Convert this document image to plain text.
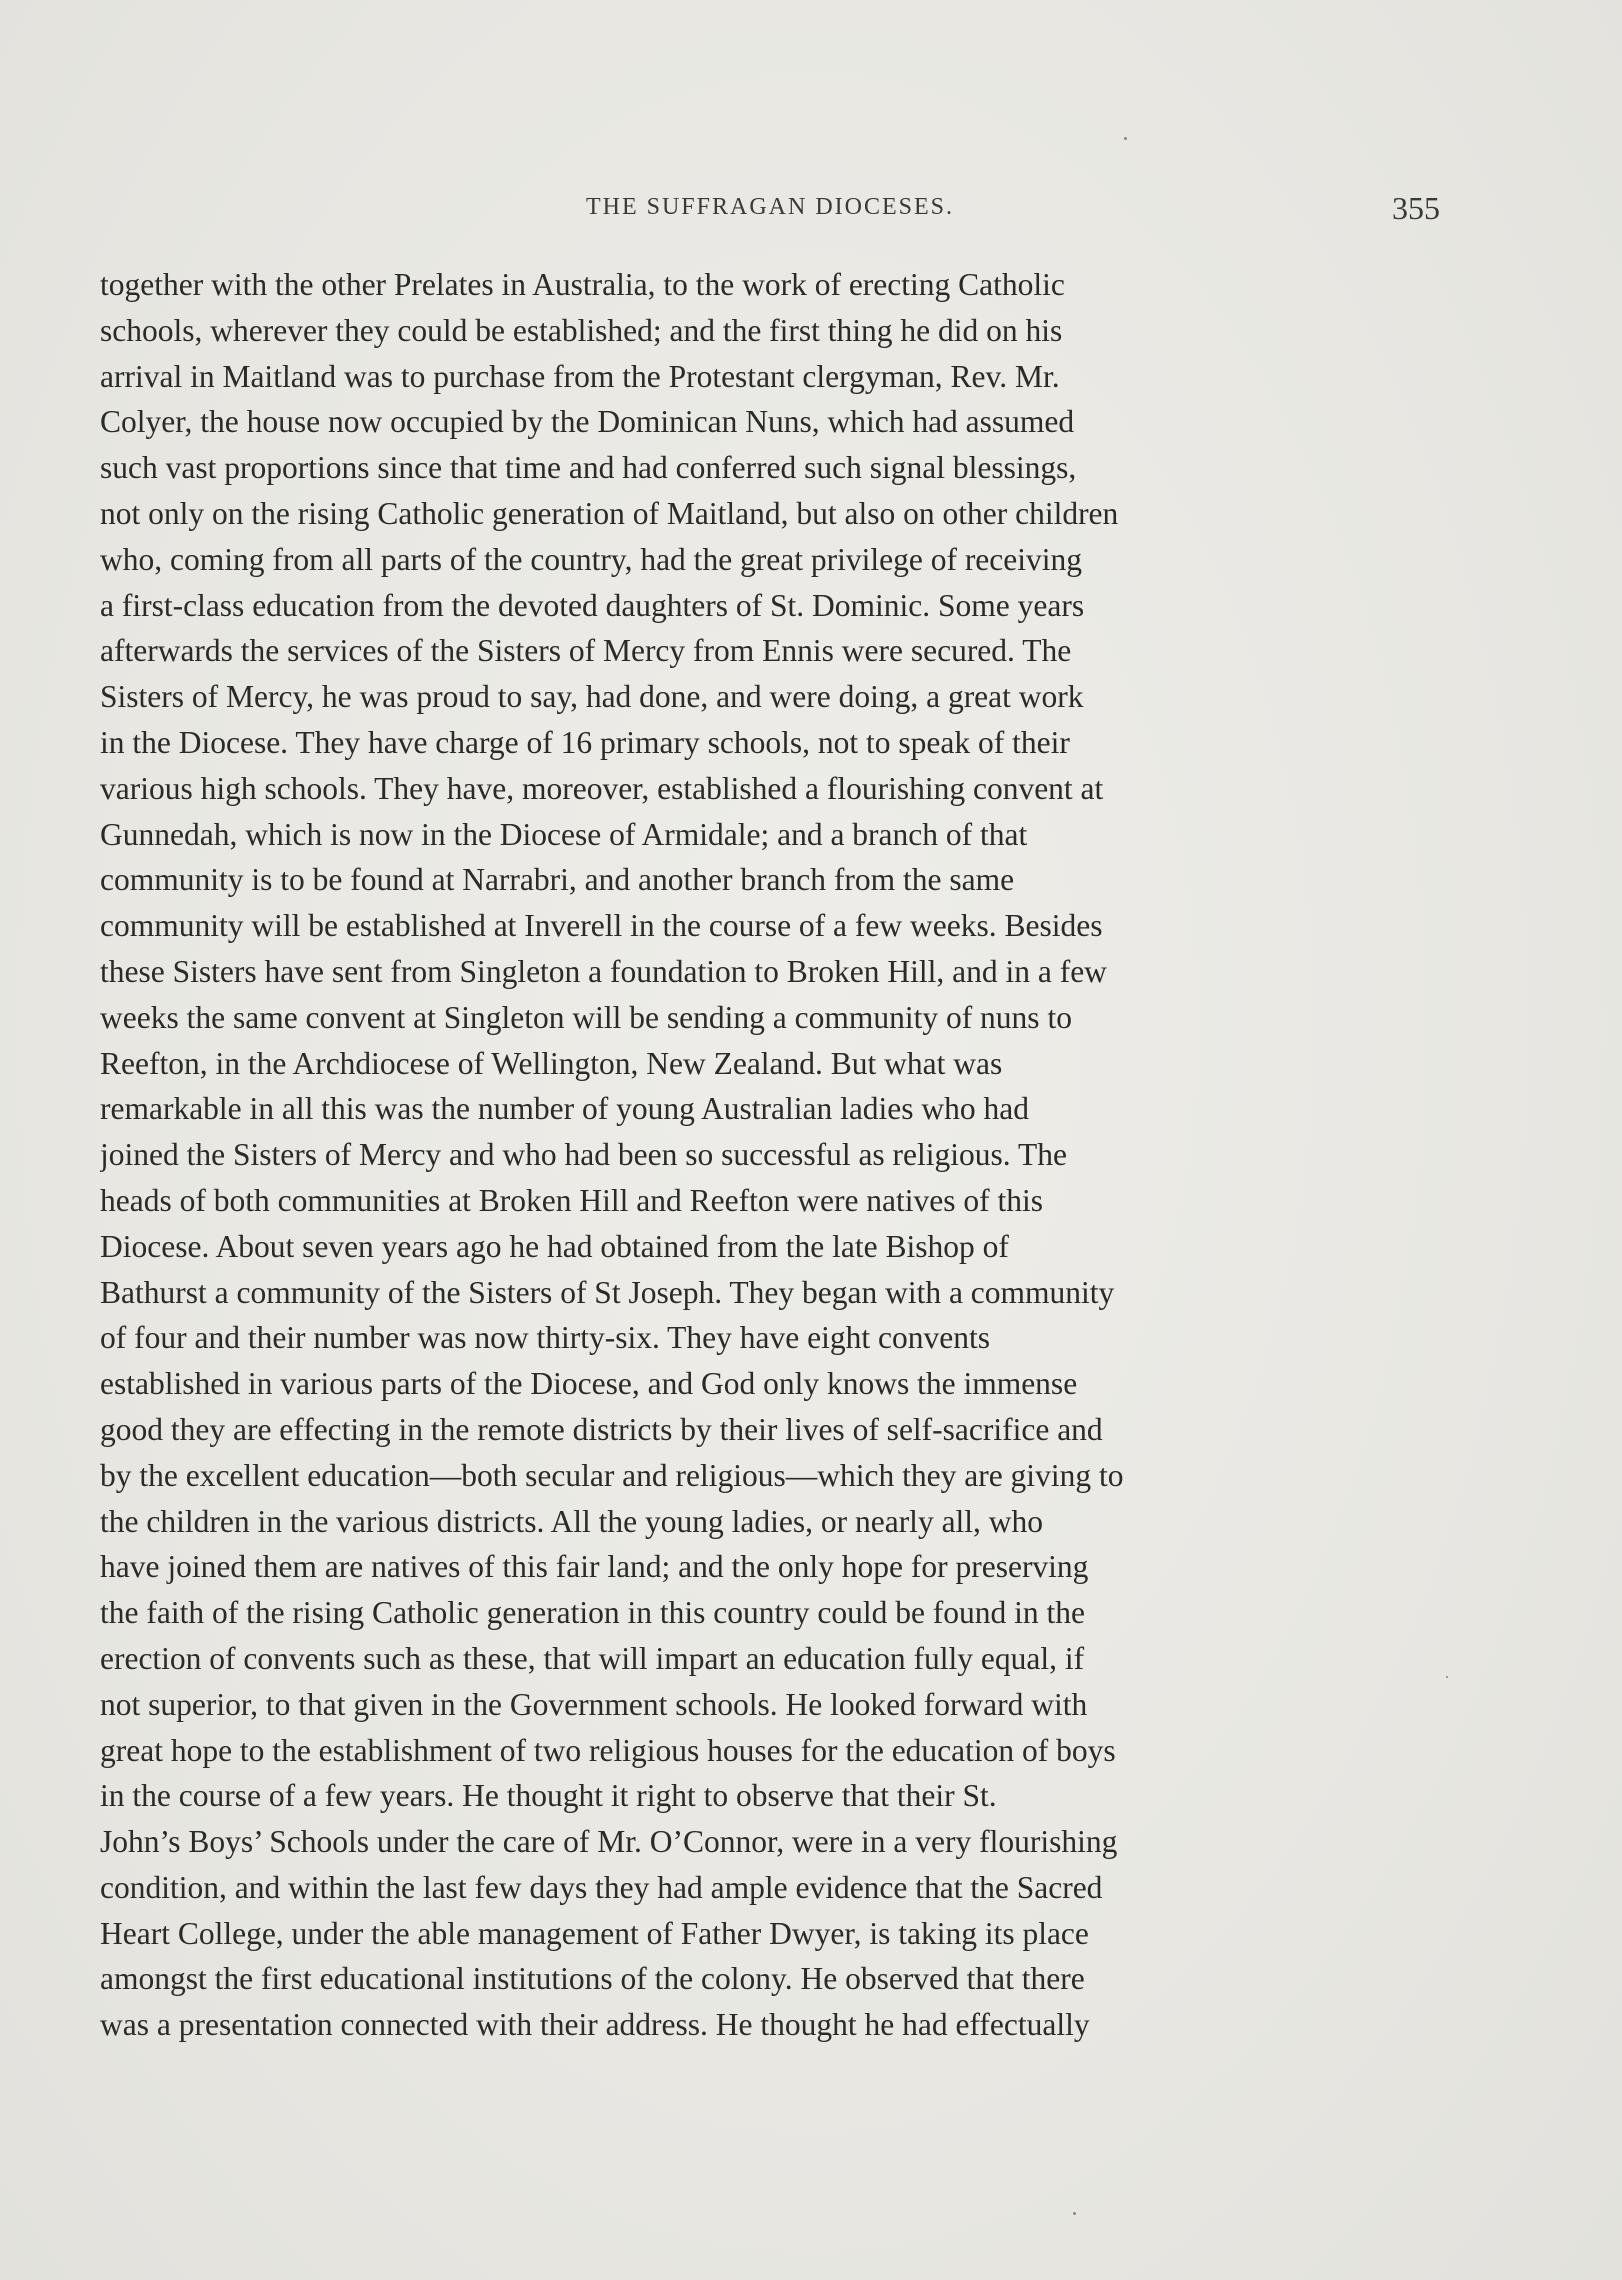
THE SUFFRAGAN DIOCESES.	355
together with the other Prelates in Australia, to the work of erecting Catholic
schools, wherever they could be established; and the first thing he did on his
arrival in Maitland was to purchase from the Protestant clergyman, Rev. Mr.
Colyer, the house now occupied by the Dominican Nuns, which had assumed
such vast proportions since that time and had conferred such signal blessings,
not only on the rising Catholic generation of Maitland, but also on other children
who, coming from all parts of the country, had the great privilege of receiving
a first-class education from the devoted daughters of St. Dominic. Some years
afterwards the services of the Sisters of Mercy from Ennis were secured. The
Sisters of Mercy, he was proud to say, had done, and were doing, a great work
in the Diocese. They have charge of 16 primary schools, not to speak of their
various high schools. They have, moreover, established a flourishing convent at
Gunnedah, which is now in the Diocese of Armidale; and a branch of that
community is to be found at Narrabri, and another branch from the same
community will be established at Inverell in the course of a few weeks. Besides
these Sisters have sent from Singleton a foundation to Broken Hill, and in a few
weeks the same convent at Singleton will be sending a community of nuns to
Reefton, in the Archdiocese of Wellington, New Zealand. But what was
remarkable in all this was the number of young Australian ladies who had
joined the Sisters of Mercy and who had been so successful as religious. The
heads of both communities at Broken Hill and Reefton were natives of this
Diocese. About seven years ago he had obtained from the late Bishop of
Bathurst a community of the Sisters of St Joseph. They began with a community
of four and their number was now thirty-six. They have eight convents
established in various parts of the Diocese, and God only knows the immense
good they are effecting in the remote districts by their lives of self-sacrifice and
by the excellent education—both secular and religious—which they are giving to
the children in the various districts. All the young ladies, or nearly all, who
have joined them are natives of this fair land; and the only hope for preserving
the faith of the rising Catholic generation in this country could be found in the
erection of convents such as these, that will impart an education fully equal, if
not superior, to that given in the Government schools. He looked forward with
great hope to the establishment of two religious houses for the education of boys
in the course of a few years. He thought it right to observe that their St.
John’s Boys’ Schools under the care of Mr. O’Connor, were in a very flourishing
condition, and within the last few days they had ample evidence that the Sacred
Heart College, under the able management of Father Dwyer, is taking its place
amongst the first educational institutions of the colony. He observed that there
was a presentation connected with their address. He thought he had effectually
